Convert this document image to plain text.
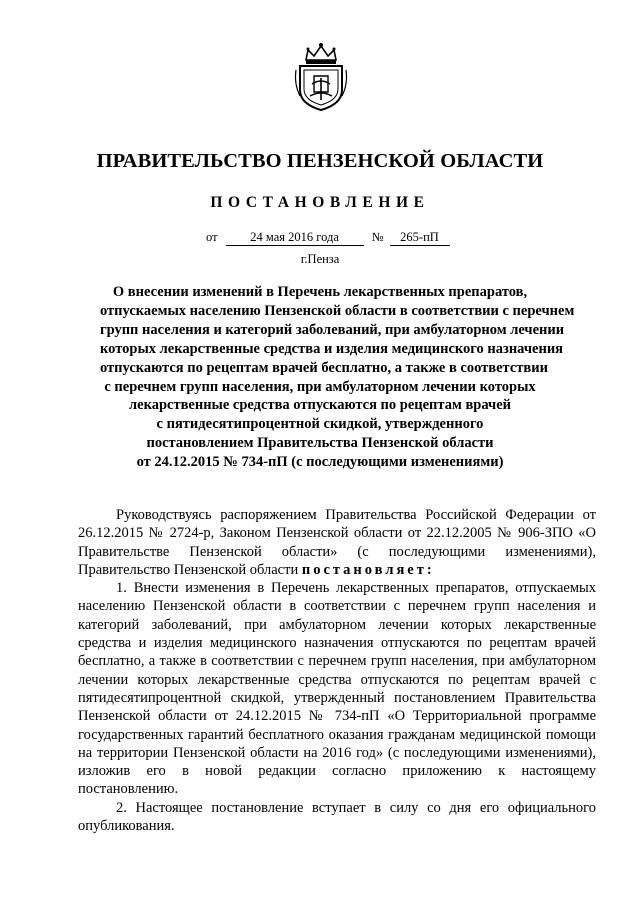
ПРАВИТЕЛЬСТВО ПЕНЗЕНСКОЙ ОБЛАСТИ
ПОСТАНОВЛЕНИЕ
от	24 мая 2016 года	№ 265-пП
г.Пенза
О внесении изменений в Перечень лекарственных препаратов,
отпускаемых населению Пензенской области в соответствии с перечнем
групп населения и категорий заболеваний, при амбулаторном лечении
которых лекарственные средства и изделия медицинского назначения
отпускаются по рецептам врачей бесплатно, а также в соответствии
с перечнем групп населения, при амбулаторном лечении которых
лекарственные средства отпускаются по рецептам врачей
с пятидесятипроцентной скидкой, утвержденного
постановлением Правительства Пензенской области
от 24.12.2015 № 734-пП (с последующими изменениями)

Руководствуясь распоряжением Правительства Российской Федерации от 26.12.2015 № 2724-р, Законом Пензенской области от 22.12.2005 № 906-ЗПО «О Правительстве Пензенской области» (с последующими изменениями), Правительство Пензенской области постановляет:

1. Внести изменения в Перечень лекарственных препаратов, отпускаемых населению Пензенской области в соответствии с перечнем групп населения и категорий заболеваний, при амбулаторном лечении которых лекарственные средства и изделия медицинского назначения отпускаются по рецептам врачей бесплатно, а также в соответствии с перечнем групп населения, при амбулаторном лечении которых лекарственные средства отпускаются по рецептам врачей с пятидесятипроцентной скидкой, утвержденный постановлением Правительства Пензенской области от 24.12.2015 № 734-пП «О Территориальной программе государственных гарантий бесплатного оказания гражданам медицинской помощи на территории Пензенской области на 2016 год» (с последующими изменениями), изложив его в новой редакции согласно приложению к настоящему постановлению.

2. Настоящее постановление вступает в силу со дня его официального опубликования.
